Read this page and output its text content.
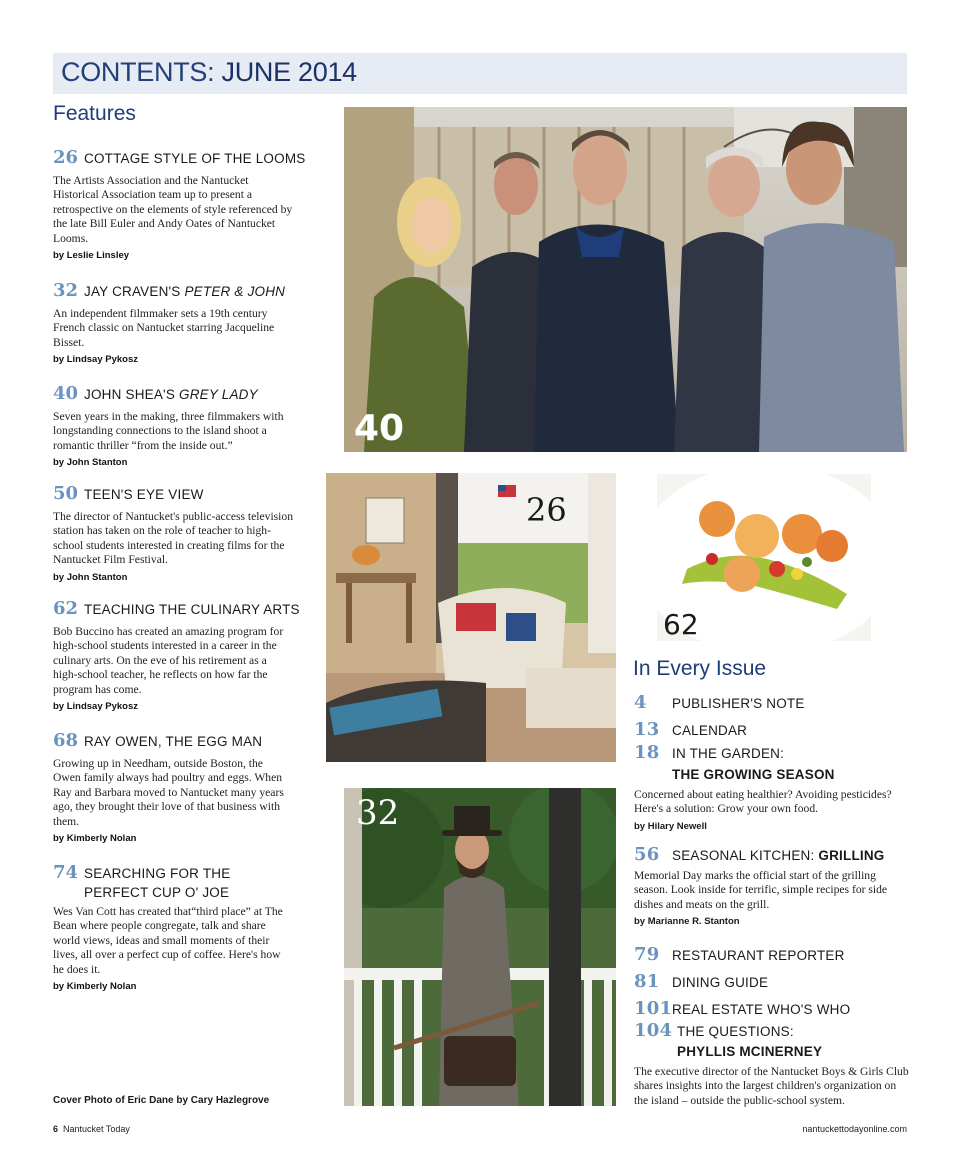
CONTENTS: JUNE 2014
Features
26 COTTAGE STYLE OF THE LOOMS
The Artists Association and the Nantucket Historical Association team up to present a retrospective on the elements of style referenced by the late Bill Euler and Andy Oates of Nantucket Looms.
by Leslie Linsley
32 JAY CRAVEN'S PETER & JOHN
An independent filmmaker sets a 19th century French classic on Nantucket starring Jacqueline Bisset.
by Lindsay Pykosz
40 JOHN SHEA'S GREY LADY
Seven years in the making, three filmmakers with longstanding connections to the island shoot a romantic thriller “from the inside out.”
by John Stanton
50 TEEN'S EYE VIEW
The director of Nantucket's public-access television station has taken on the role of teacher to high-school students interested in creating films for the Nantucket Film Festival.
by John Stanton
62 TEACHING THE CULINARY ARTS
Bob Buccino has created an amazing program for high-school students interested in a career in the culinary arts. On the eve of his retirement as a high-school teacher, he reflects on how far the program has come.
by Lindsay Pykosz
68 RAY OWEN, THE EGG MAN
Growing up in Needham, outside Boston, the Owen family always had poultry and eggs. When Ray and Barbara moved to Nantucket many years ago, they brought their love of that business with them.
by Kimberly Nolan
74 SEARCHING FOR THE
PERFECT CUP O' JOE
Wes Van Cott has created that“third place” at The Bean where people congregate, talk and share world views, ideas and small moments of their lives, all over a perfect cup of coffee. Here's how he does it.
by Kimberly Nolan
Cover Photo of Eric Dane by Cary Hazlegrove
40
26
62
32
In Every Issue
4 PUBLISHER'S NOTE
13 CALENDAR
18 IN THE GARDEN:
THE GROWING SEASON
Concerned about eating healthier? Avoiding pesticides? Here's a solution: Grow your own food.
by Hilary Newell
56 SEASONAL KITCHEN: GRILLING
Memorial Day marks the official start of the grilling season. Look inside for terrific, simple recipes for side dishes and meats on the grill.
by Marianne R. Stanton
79 RESTAURANT REPORTER
81 DINING GUIDE
101REAL ESTATE WHO'S WHO
104 THE QUESTIONS:
PHYLLIS MCINERNEY
The executive director of the Nantucket Boys & Girls Club shares insights into the largest children's organization on the island – outside the public-school system.
6 Nantucket Today	nantuckettodayonline.com
